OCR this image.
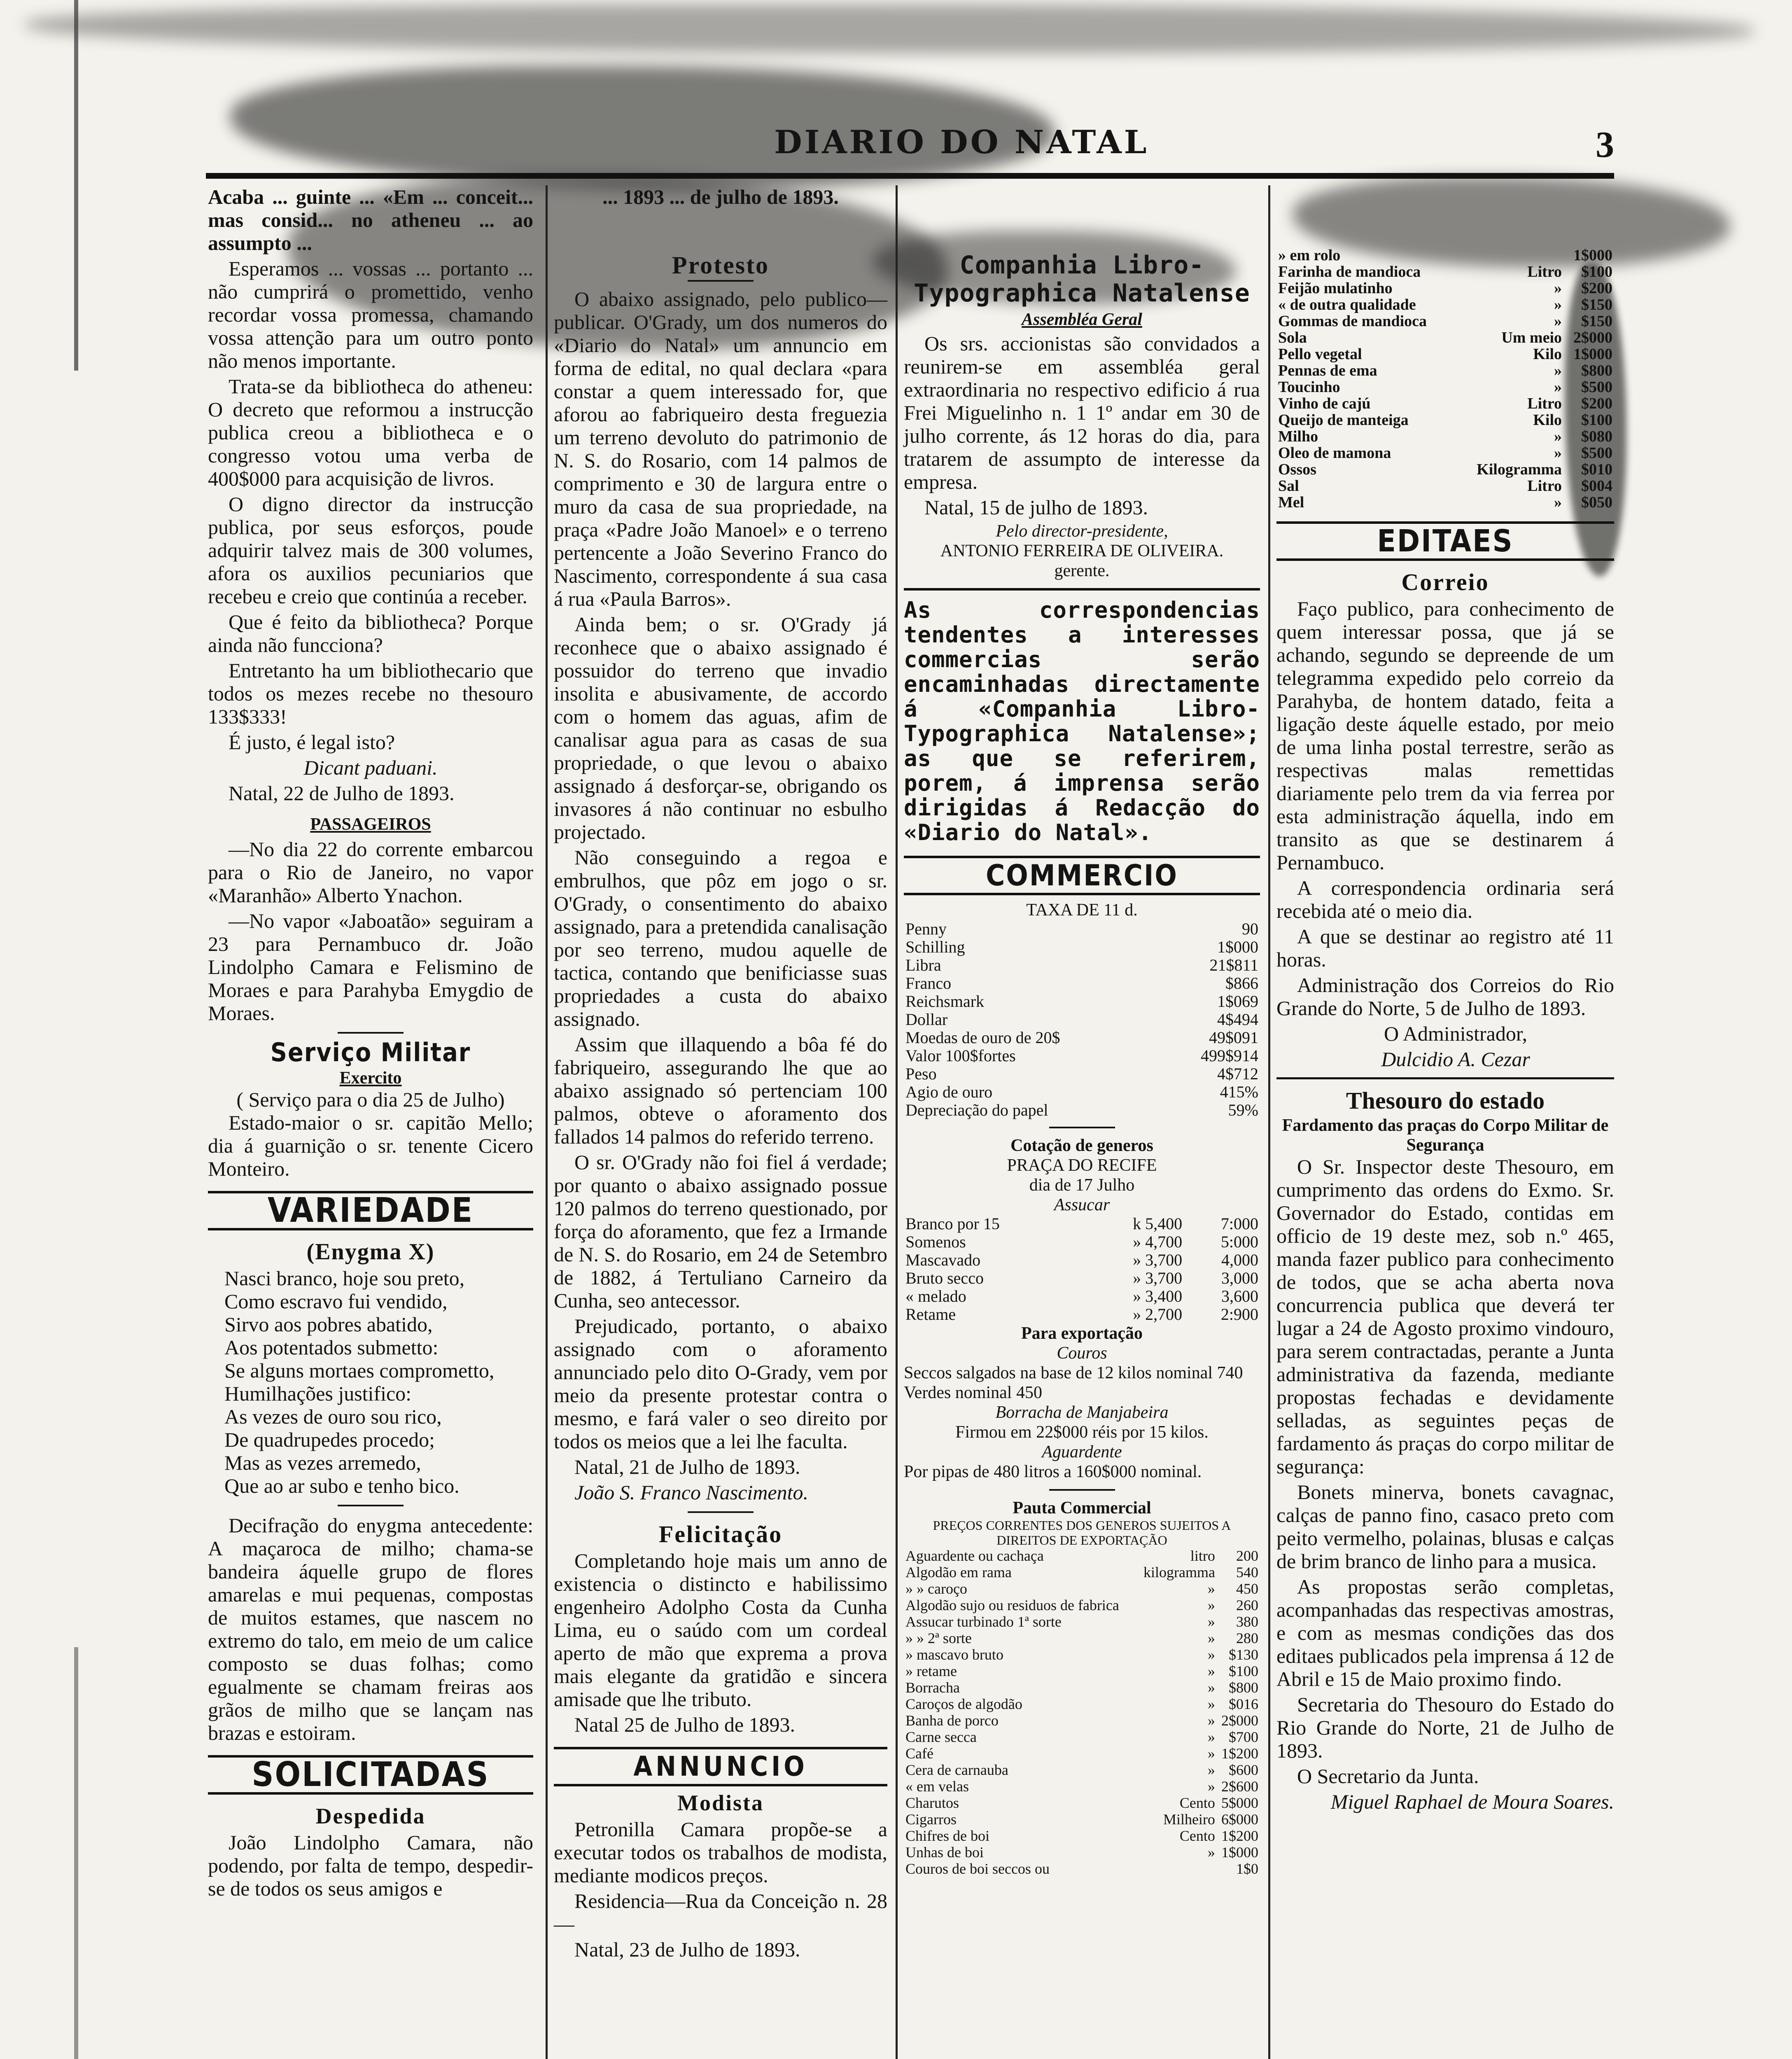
DIARIO DO NATAL	3

Acaba ... guinte ... «Em ... conceit... mas consid... no atheneu ... ao assumpto ...

Esperamos ... vossas ... portanto ... não cumprirá o promettido, venho recordar vossa promessa, chamando vossa attenção para um outro ponto não menos importante.

Trata-se da bibliotheca do atheneu: O decreto que reformou a instrucção publica creou a bibliotheca e o congresso votou uma verba de 400$000 para acquisição de livros.

O digno director da instrucção publica, por seus esforços, poude adquirir talvez mais de 300 volumes, afora os auxilios pecuniarios que recebeu e creio que continúa a receber.

Que é feito da bibliotheca? Porque ainda não funcciona?

Entretanto ha um bibliothecario que todos os mezes recebe no thesouro 133$333!

É justo, é legal isto?

Dicant paduani.

Natal, 22 de Julho de 1893.

PASSAGEIROS

—No dia 22 do corrente embarcou para o Rio de Janeiro, no vapor «Maranhão» Alberto Ynachon.

—No vapor «Jaboatão» seguiram a 23 para Pernambuco dr. João Lindolpho Camara e Felismino de Moraes e para Parahyba Emygdio de Moraes.

Serviço Militar
Exercito
( Serviço para o dia 25 de Julho)

Estado-maior o sr. capitão Mello; dia á guarnição o sr. tenente Cicero Monteiro.

VARIEDADE
(Enygma X)
Nasci branco, hoje sou preto,
Como escravo fui vendido,
Sirvo aos pobres abatido,
Aos potentados submetto:
Se alguns mortaes comprometto,
Humilhações justifico:
As vezes de ouro sou rico,
De quadrupedes procedo;
Mas as vezes arremedo,
Que ao ar subo e tenho bico.

Decifração do enygma antecedente: A maçaroca de milho; chama-se bandeira áquelle grupo de flores amarelas e mui pequenas, compostas de muitos estames, que nascem no extremo do talo, em meio de um calice composto se duas folhas; como egualmente se chamam freiras aos grãos de milho que se lançam nas brazas e estoiram.

SOLICITADAS
Despedida

João Lindolpho Camara, não podendo, por falta de tempo, despedir-se de todos os seus amigos e

... 1893 ... de julho de 1893.

Protesto

O abaixo assignado, pelo publico—publicar. O'Grady, um dos numeros do «Diario do Natal» um annuncio em forma de edital, no qual declara «para constar a quem interessado for, que aforou ao fabriqueiro desta freguezia um terreno devoluto do patrimonio de N. S. do Rosario, com 14 palmos de comprimento e 30 de largura entre o muro da casa de sua propriedade, na praça «Padre João Manoel» e o terreno pertencente a João Severino Franco do Nascimento, correspondente á sua casa á rua «Paula Barros».

Ainda bem; o sr. O'Grady já reconhece que o abaixo assignado é possuidor do terreno que invadio insolita e abusivamente, de accordo com o homem das aguas, afim de canalisar agua para as casas de sua propriedade, o que levou o abaixo assignado á desforçar-se, obrigando os invasores á não continuar no esbulho projectado.

Não conseguindo a regoa e embrulhos, que pôz em jogo o sr. O'Grady, o consentimento do abaixo assignado, para a pretendida canalisação por seo terreno, mudou aquelle de tactica, contando que benificiasse suas propriedades a custa do abaixo assignado.

Assim que illaquendo a bôa fé do fabriqueiro, assegurando lhe que ao abaixo assignado só pertenciam 100 palmos, obteve o aforamento dos fallados 14 palmos do referido terreno.

O sr. O'Grady não foi fiel á verdade; por quanto o abaixo assignado possue 120 palmos do terreno questionado, por força do aforamento, que fez a Irmande de N. S. do Rosario, em 24 de Setembro de 1882, á Tertuliano Carneiro da Cunha, seo antecessor.

Prejudicado, portanto, o abaixo assignado com o aforamento annunciado pelo dito O-Grady, vem por meio da presente protestar contra o mesmo, e fará valer o seo direito por todos os meios que a lei lhe faculta.

Natal, 21 de Julho de 1893.

João S. Franco Nascimento.

Felicitação

Completando hoje mais um anno de existencia o distincto e habilissimo engenheiro Adolpho Costa da Cunha Lima, eu o saúdo com um cordeal aperto de mão que exprema a prova mais elegante da gratidão e sincera amisade que lhe tributo.

Natal 25 de Julho de 1893.

ANNUNCIO
Modista

Petronilla Camara propõe-se a executar todos os trabalhos de modista, mediante modicos preços.

Residencia—Rua da Conceição n. 28—

Natal, 23 de Julho de 1893.

Companhia Libro-Typographica Natalense
Assembléa Geral

Os srs. accionistas são convidados a reunirem-se em assembléa geral extraordinaria no respectivo edificio á rua Frei Miguelinho n. 1 1º andar em 30 de julho corrente, ás 12 horas do dia, para tratarem de assumpto de interesse da empresa.

Natal, 15 de julho de 1893.

Pelo director-presidente,
ANTONIO FERREIRA DE OLIVEIRA.
gerente.
As correspondencias tendentes a interesses commercias serão encaminhadas directamente á «Companhia Libro-Typographica Natalense»; as que se referirem, porem, á imprensa serão dirigidas á Redacção do «Diario do Natal».
COMMERCIO
TAXA DE 11 d.
Penny	90
Schilling	1$000
Libra	21$811
Franco	$866
Reichsmark	1$069
Dollar	4$494
Moedas de ouro de 20$	49$091
Valor 100$fortes	499$914
Peso	4$712
Agio de ouro	415%
Depreciação do papel	59%
Cotação de generos
PRAÇA DO RECIFE
dia de 17 Julho
Assucar
Branco por 15	k 5,400	7:000
Somenos	» 4,700	5:000
Mascavado	» 3,700	4,000
Bruto secco	» 3,700	3,000
« melado	» 3,400	3,600
Retame	» 2,700	2:900
Para exportação
Couros
Seccos salgados na base de 12 kilos nominal 740
Verdes nominal 450
Borracha de Manjabeira
Firmou em 22$000 réis por 15 kilos.
Aguardente
Por pipas de 480 litros a 160$000 nominal.
Pauta Commercial
PREÇOS CORRENTES DOS GENEROS SUJEITOS A DIREITOS DE EXPORTAÇÃO
Aguardente ou cachaça	litro	200
Algodão em rama	kilogramma	540
» » caroço	»	450
Algodão sujo ou residuos de fabrica	»	260
Assucar turbinado 1ª sorte	»	380
» » 2ª sorte	»	280
» mascavo bruto	»	$130
» retame	»	$100
Borracha	»	$800
Caroços de algodão	»	$016
Banha de porco	»	2$000
Carne secca	»	$700
Café	»	1$200
Cera de carnauba	»	$600
« em velas	»	2$600
Charutos	Cento	5$000
Cigarros	Milheiro	6$000
Chifres de boi	Cento	1$200
Unhas de boi	»	1$000
Couros de boi seccos ou		1$0
» em rolo		1$000
Farinha de mandioca	Litro	$100
Feijão mulatinho	»	$200
« de outra qualidade	»	$150
Gommas de mandioca	»	$150
Sola	Um meio	2$000
Pello vegetal	Kilo	1$000
Pennas de ema	»	$800
Toucinho	»	$500
Vinho de cajú	Litro	$200
Queijo de manteiga	Kilo	$100
Milho	»	$080
Oleo de mamona	»	$500
Ossos	Kilogramma	$010
Sal	Litro	$004
Mel	»	$050
EDITAES
Correio

Faço publico, para conhecimento de quem interessar possa, que já se achando, segundo se depreende de um telegramma expedido pelo correio da Parahyba, de hontem datado, feita a ligação deste áquelle estado, por meio de uma linha postal terrestre, serão as respectivas malas remettidas diariamente pelo trem da via ferrea por esta administração áquella, indo em transito as que se destinarem á Pernambuco.

A correspondencia ordinaria será recebida até o meio dia.

A que se destinar ao registro até 11 horas.

Administração dos Correios do Rio Grande do Norte, 5 de Julho de 1893.

O Administrador,

Dulcidio A. Cezar

Thesouro do estado
Fardamento das praças do Corpo Militar de Segurança

O Sr. Inspector deste Thesouro, em cumprimento das ordens do Exmo. Sr. Governador do Estado, contidas em officio de 19 deste mez, sob n.º 465, manda fazer publico para conhecimento de todos, que se acha aberta nova concurrencia publica que deverá ter lugar a 24 de Agosto proximo vindouro, para serem contractadas, perante a Junta administrativa da fazenda, mediante propostas fechadas e devidamente selladas, as seguintes peças de fardamento ás praças do corpo militar de segurança:

Bonets minerva, bonets cavagnac, calças de panno fino, casaco preto com peito vermelho, polainas, blusas e calças de brim branco de linho para a musica.

As propostas serão completas, acompanhadas das respectivas amostras, e com as mesmas condições das dos editaes publicados pela imprensa á 12 de Abril e 15 de Maio proximo findo.

Secretaria do Thesouro do Estado do Rio Grande do Norte, 21 de Julho de 1893.

O Secretario da Junta.

Miguel Raphael de Moura Soares.
